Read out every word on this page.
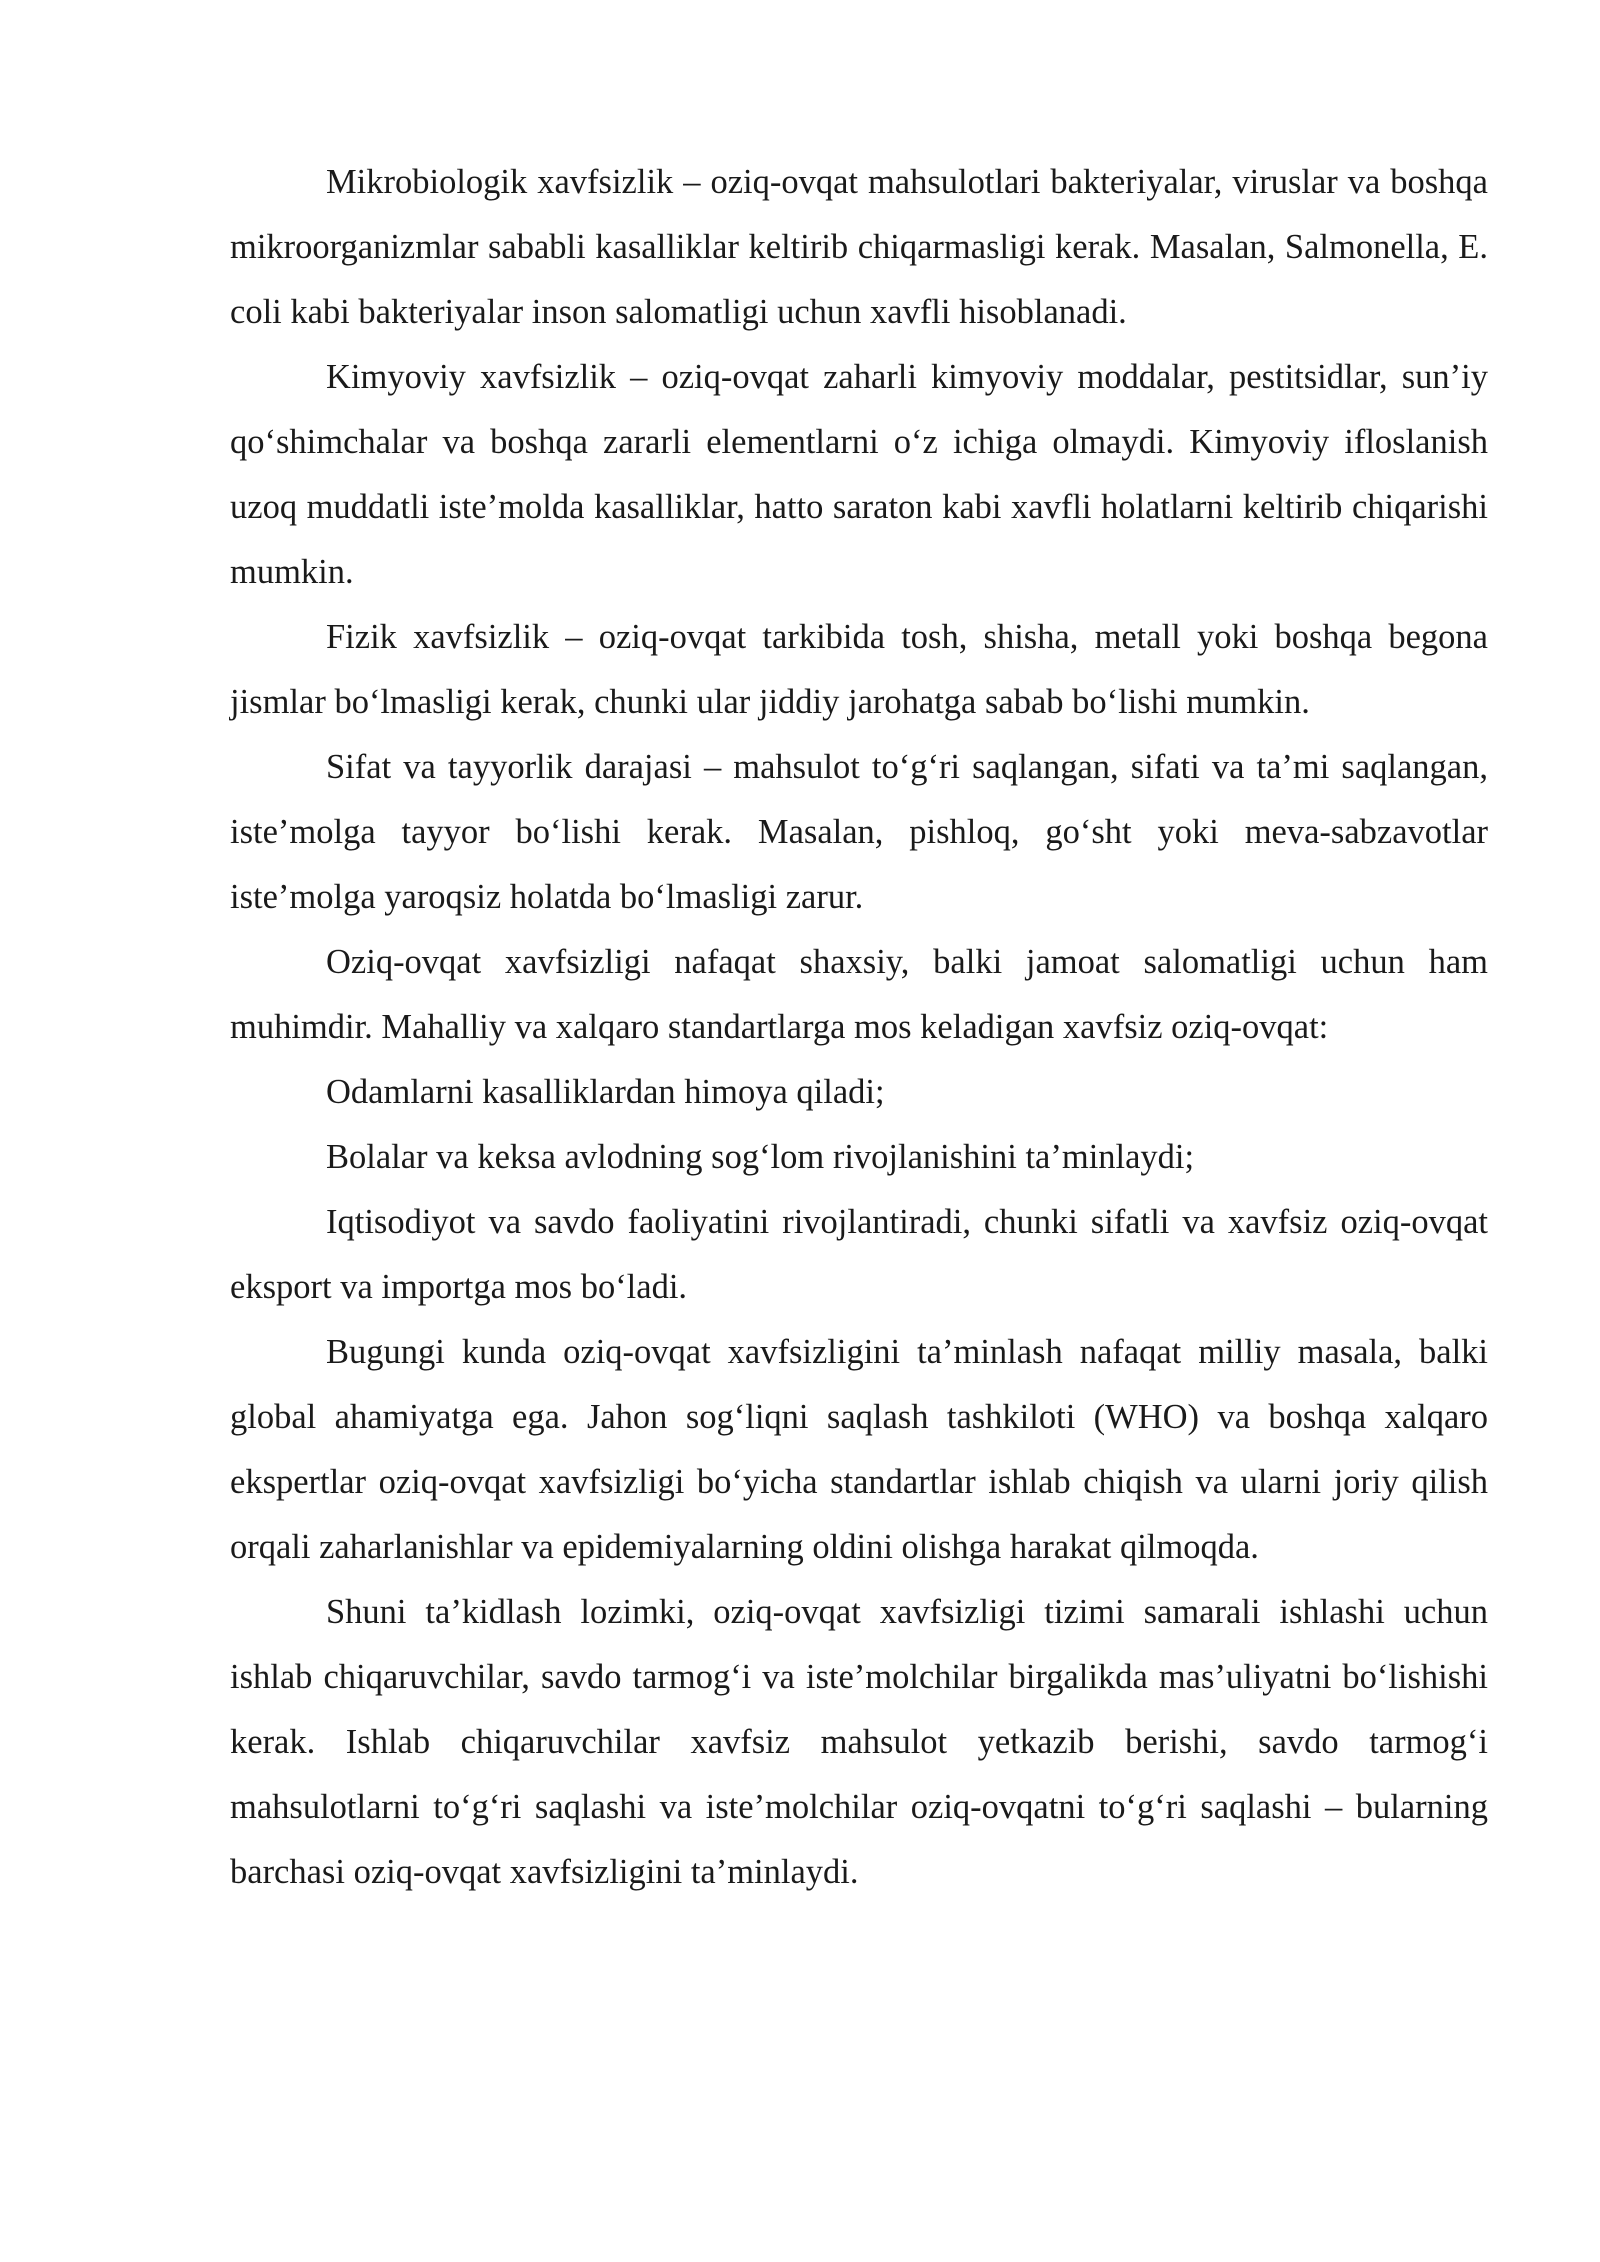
Mikrobiologik xavfsizlik – oziq-ovqat mahsulotlari bakteriyalar, viruslar va boshqa mikroorganizmlar sababli kasalliklar keltirib chiqarmasligi kerak. Masalan, Salmonella, E. coli kabi bakteriyalar inson salomatligi uchun xavfli hisoblanadi.

Kimyoviy xavfsizlik – oziq-ovqat zaharli kimyoviy moddalar, pestitsidlar, sun’iy qo‘shimchalar va boshqa zararli elementlarni o‘z ichiga olmaydi. Kimyoviy ifloslanish uzoq muddatli iste’molda kasalliklar, hatto saraton kabi xavfli holatlarni keltirib chiqarishi mumkin.

Fizik xavfsizlik – oziq-ovqat tarkibida tosh, shisha, metall yoki boshqa begona jismlar bo‘lmasligi kerak, chunki ular jiddiy jarohatga sabab bo‘lishi mumkin.

Sifat va tayyorlik darajasi – mahsulot to‘g‘ri saqlangan, sifati va ta’mi saqlangan, iste’molga tayyor bo‘lishi kerak. Masalan, pishloq, go‘sht yoki meva-sabzavotlar iste’molga yaroqsiz holatda bo‘lmasligi zarur.

Oziq-ovqat xavfsizligi nafaqat shaxsiy, balki jamoat salomatligi uchun ham muhimdir. Mahalliy va xalqaro standartlarga mos keladigan xavfsiz oziq-ovqat:

Odamlarni kasalliklardan himoya qiladi;

Bolalar va keksa avlodning sog‘lom rivojlanishini ta’minlaydi;

Iqtisodiyot va savdo faoliyatini rivojlantiradi, chunki sifatli va xavfsiz oziq-ovqat eksport va importga mos bo‘ladi.

Bugungi kunda oziq-ovqat xavfsizligini ta’minlash nafaqat milliy masala, balki global ahamiyatga ega. Jahon sog‘liqni saqlash tashkiloti (WHO) va boshqa xalqaro ekspertlar oziq-ovqat xavfsizligi bo‘yicha standartlar ishlab chiqish va ularni joriy qilish orqali zaharlanishlar va epidemiyalarning oldini olishga harakat qilmoqda.

Shuni ta’kidlash lozimki, oziq-ovqat xavfsizligi tizimi samarali ishlashi uchun ishlab chiqaruvchilar, savdo tarmog‘i va iste’molchilar birgalikda mas’uliyatni bo‘lishishi kerak. Ishlab chiqaruvchilar xavfsiz mahsulot yetkazib berishi, savdo tarmog‘i mahsulotlarni to‘g‘ri saqlashi va iste’molchilar oziq-ovqatni to‘g‘ri saqlashi – bularning barchasi oziq-ovqat xavfsizligini ta’minlaydi.
